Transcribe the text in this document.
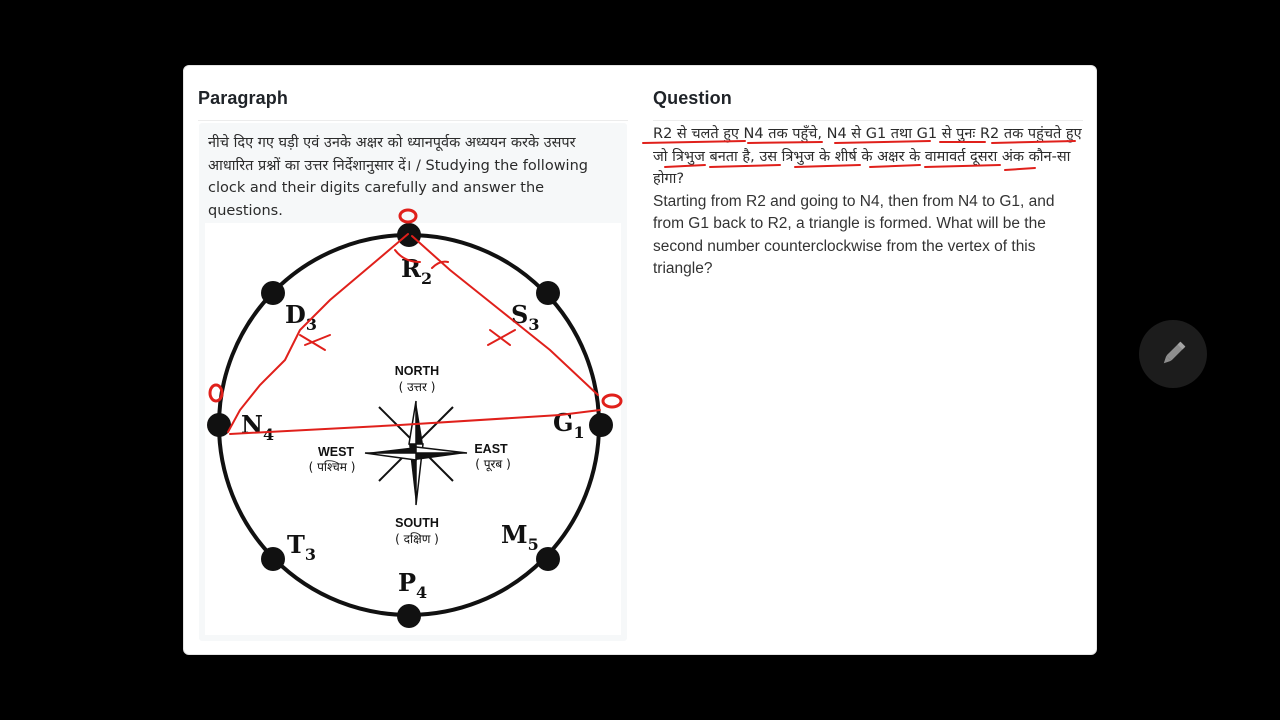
Paragraph
नीचे दिए गए घड़ी एवं उनके अक्षर को ध्यानपूर्वक अध्ययन करके उसपर आधारित प्रश्नों का उत्तर निर्देशानुसार दें। / Studying the following clock and their digits carefully and answer the questions.
$R_2$
$S_3$
$G_1$
$M_5$
$P_4$
$T_3$
$N_4$
$D_3$
NORTH
SOUTH
EAST
WEST
( उत्तर )
( दक्षिण )
( पूरब )
( पश्चिम )
Question
R2 से चलते हुए N4 तक पहुँचे, N4 से G1 तथा G1 से पुनः R2 तक पहुंचते हुए जो त्रिभुज बनता है, उस त्रिभुज के शीर्ष के अक्षर के वामावर्त दूसरा अंक कौन-सा होगा?
Starting from R2 and going to N4, then from N4 to G1, and from G1 back to R2, a triangle is formed. What will be the second number counterclockwise from the vertex of this triangle?
